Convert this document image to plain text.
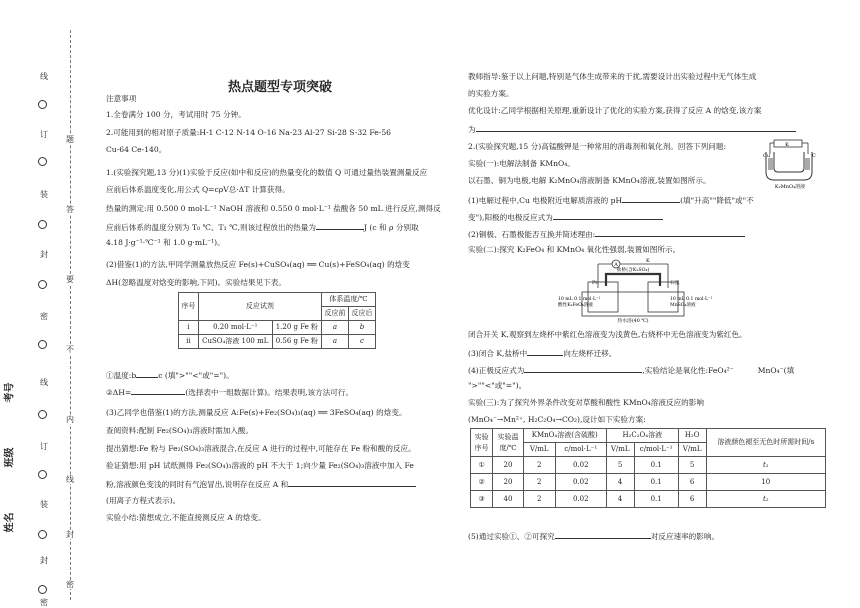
线
订
装
封
密
线
订
装
封
密
题
答
要
不
内
线
封
密
考号
班级
姓名
热点题型专项突破
注意事项
1.全卷满分 100 分，考试用时 75 分钟。
2.可能用到的相对原子质量:H-1 C-12 N-14 O-16 Na-23 Al-27 Si-28 S-32 Fe-56
Cu-64 Ce-140。
1.(实验探究题,13 分)(1)实验于反应(如中和反应)的热量变化的数值 Q 可通过量热装置测量反应
应前后体系温度变化,用公式 Q=cρV总·ΔT 计算获得。
热量的测定:用 0.500 0 mol·L⁻¹ NaOH 溶液和 0.550 0 mol·L⁻¹ 盐酸各 50 mL 进行反应,测得反
应前后体系的温度分别为 T₀ ℃、T₁ ℃,则该过程放出的热量为	J (c 和 ρ 分别取
4.18 J·g⁻¹·℃⁻¹ 和 1.0 g·mL⁻¹)。
(2)借鉴(1)的方法,甲同学测量放热反应 Fe(s)+CuSO₄(aq) ══ Cu(s)+FeSO₄(aq) 的焓变
ΔH(忽略温度对焓变的影响,下同)。实验结果见下表。
序号	反应试剂		体系温度/℃	
			反应前	反应后
i	0.20 mol·L⁻¹	1.20 g Fe 粉	a	b
ii	CuSO₄溶液 100 mL	0.56 g Fe 粉	a	c
①温度:b	c (填">""<"或"=")。
②ΔH=	(选择表中一组数据计算)。结果表明,该方法可行。
(3)乙同学也借鉴(1)的方法,测量反应 A:Fe(s)+Fe₂(SO₄)₃(aq) ══ 3FeSO₄(aq) 的焓变。
查阅资料:配制 Fe₂(SO₄)₃溶液时需加入酸。
提出猜想:Fe 粉与 Fe₂(SO₄)₃溶液混合,在反应 A 进行的过程中,可能存在 Fe 粉和酸的反应。
验证猜想:用 pH 试纸测得 Fe₂(SO₄)₃溶液的 pH 不大于 1;向少量 Fe₂(SO₄)₃溶液中加入 Fe
粉,溶液颜色变浅的同时有气泡冒出,说明存在反应 A 和
(用离子方程式表示)。
实验小结:猜想成立,不能直接测反应 A 的焓变。
教师指导:鉴于以上问题,特别是气体生成带来的干扰,需要设计出实验过程中无气体生成
的实验方案。
优化设计:乙同学根据相关原理,重新设计了优化的实验方案,获得了反应 A 的焓变,该方案
为
2.(实验探究题,15 分)高锰酸钾是一种常用的消毒剂和氧化剂。回答下列问题:
实验(一):电解法制备 KMnO₄。
以石墨、铜为电极,电解 K₂MnO₄溶液制备 KMnO₄溶液,装置如图所示。
(1)电解过程中,Cu 电极附近电解质溶液的 pH	(填"升高""降低"或"不
变"),阳极的电极反应式为
(2)铜极、石墨极能否互换并简述理由:
实验(二):探究 K₂FeO₄ 和 KMnO₄ 氧化性强弱,装置如图所示。
K
Cu	C
K₂MnO₄溶液
A
K
盐桥(含K₂SO₄)
Pt	石墨
10 mL 0.1 mol·L⁻¹
酸性K₂FeO₄溶液
10 mL 0.1 mol·L⁻¹
MnSO₄溶液
热水浴(40 ℃)
闭合开关 K,观察到左烧杯中紫红色溶液变为浅黄色,右烧杯中无色溶液变为紫红色。
(3)闭合 K,盐桥中	向左烧杯迁移。
(4)正极反应式为	,实验结论是氧化性:FeO₄²⁻	MnO₄⁻(填
">""<"或"=")。
实验(三):为了探究外界条件改变对草酸和酸性 KMnO₄溶液反应的影响
(MnO₄⁻→Mn²⁺, H₂C₂O₄→CO₂),设计如下实验方案:
实验
序号	实验温
度/℃	KMnO₄溶液(含硫酸)		H₂C₂O₄溶液		H₂O	溶液颜色褪至无色时所需时间/s
		V/mL	c/mol·L⁻¹	V/mL	c/mol·L⁻¹	V/mL	
①	20	2	0.02	5	0.1	5	t₁
②	20	2	0.02	4	0.1	6	10
③	40	2	0.02	4	0.1	6	t₂
(5)通过实验①、②可探究	对反应速率的影响。
